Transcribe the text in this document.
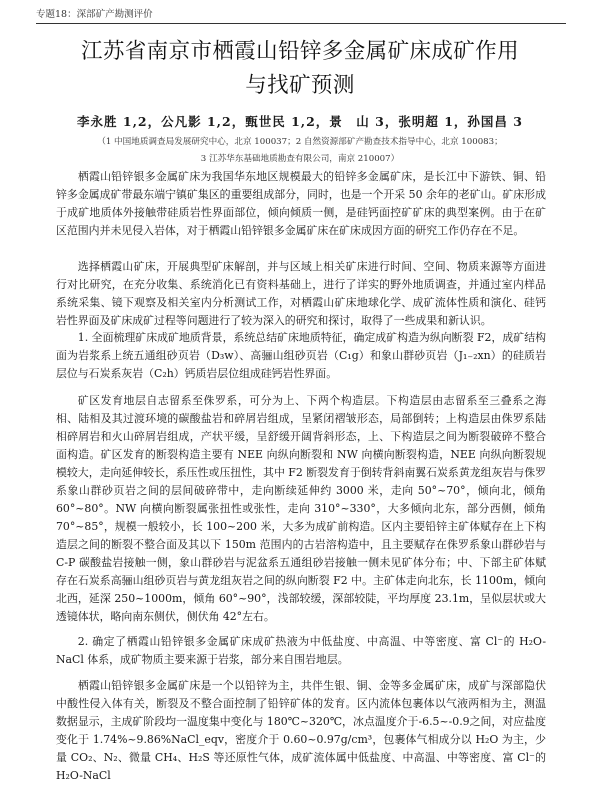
专题18：深部矿产勘测评价
江苏省南京市栖霞山铅锌多金属矿床成矿作用
与找矿预测
李永胜 1,2，公凡影 1,2，甄世民 1,2，景　山 3，张明超 1，孙国昌 3
（1 中国地质调查局发展研究中心，北京 100037；2 自然资源部矿产勘查技术指导中心，北京 100083；
3 江苏华东基础地质勘查有限公司，南京 210007）

栖霞山铅锌银多金属矿床为我国华东地区规模最大的铅锌多金属矿床，是长江中下游铁、铜、铅锌多金属成矿带最东端宁镇矿集区的重要组成部分，同时，也是一个开采 50 余年的老矿山。矿床形成于成矿地质体外接触带硅质岩性界面部位，倾向倾质一侧，是硅钙面控矿矿床的典型案例。由于在矿区范围内并未见侵入岩体，对于栖霞山铅锌银多金属矿床在矿床成因方面的研究工作仍存在不足。

选择栖霞山矿床，开展典型矿床解剖，并与区域上相关矿床进行时间、空间、物质来源等方面进行对比研究，在充分收集、系统消化已有资料基础上，进行了详实的野外地质调查，并通过室内样品系统采集、镜下观察及相关室内分析测试工作，对栖霞山矿床地球化学、成矿流体性质和演化、硅钙岩性界面及矿床成矿过程等问题进行了较为深入的研究和探讨，取得了一些成果和新认识。

1. 全面梳理矿床成矿地质背景，系统总结矿床地质特征，确定成矿构造为纵向断裂 F2，成矿结构面为岩浆系上统五通组砂页岩（D₃w）、高骊山组砂页岩（C₁g）和象山群砂页岩（J₁₋₂xn）的硅质岩层位与石炭系灰岩（C₂h）钙质岩层位组成硅钙岩性界面。

矿区发育地层自志留系至侏罗系，可分为上、下两个构造层。下构造层由志留系至三叠系之海相、陆相及其过渡环境的碳酸盐岩和碎屑岩组成，呈紧闭褶皱形态，局部倒转；上构造层由侏罗系陆相碎屑岩和火山碎屑岩组成，产状平缓，呈舒缓开阔背斜形态，上、下构造层之间为断裂破碎不整合面构造。矿区发育的断裂构造主要有 NEE 向纵向断裂和 NW 向横向断裂构造，NEE 向纵向断裂规模较大，走向延伸较长，系压性或压扭性，其中 F2 断裂发育于倒转背斜南翼石炭系黄龙组灰岩与侏罗系象山群砂页岩之间的层间破碎带中，走向断续延伸约 3000 米，走向 50°~70°，倾向北，倾角 60°~80°。NW 向横向断裂属张扭性或张性，走向 310°~330°，大多倾向北东，部分西侧，倾角 70°~85°，规模一般较小，长 100~200 米，大多为成矿前构造。区内主要铅锌主矿体赋存在上下构造层之间的断裂不整合面及其以下 150m 范围内的古岩溶构造中，且主要赋存在侏罗系象山群砂岩与 C-P 碳酸盐岩接触一侧，象山群砂岩与泥盆系五通组砂岩接触一侧未见矿体分布；中、下部主矿体赋存在石炭系高骊山组砂页岩与黄龙组灰岩之间的纵向断裂 F2 中。主矿体走向北东，长 1100m，倾向北西，延深 250~1000m，倾角 60°~90°，浅部较缓，深部较陡，平均厚度 23.1m，呈似层状或大透镜体状，略向南东侧伏，侧伏角 42°左右。

2. 确定了栖霞山铅锌银多金属矿床成矿热液为中低盐度、中高温、中等密度、富 Cl⁻的 H₂O-NaCl 体系，成矿物质主要来源于岩浆，部分来自围岩地层。

栖霞山铅锌银多金属矿床是一个以铅锌为主，共伴生银、铜、金等多金属矿床，成矿与深部隐伏中酸性侵入体有关，断裂及不整合面控制了铅锌矿体的发育。区内流体包裹体以气液两相为主，测温数据显示，主成矿阶段均一温度集中变化与 180℃~320℃，冰点温度介于-6.5~-0.9之间，对应盐度变化于 1.74%~9.86%NaCl_eqv，密度介于 0.60~0.97g/cm³，包裹体气相成分以 H₂O 为主，少量 CO₂、N₂、微量 CH₄、H₂S 等还原性气体，成矿流体属中低盐度、中高温、中等密度、富 Cl⁻的 H₂O-NaCl
